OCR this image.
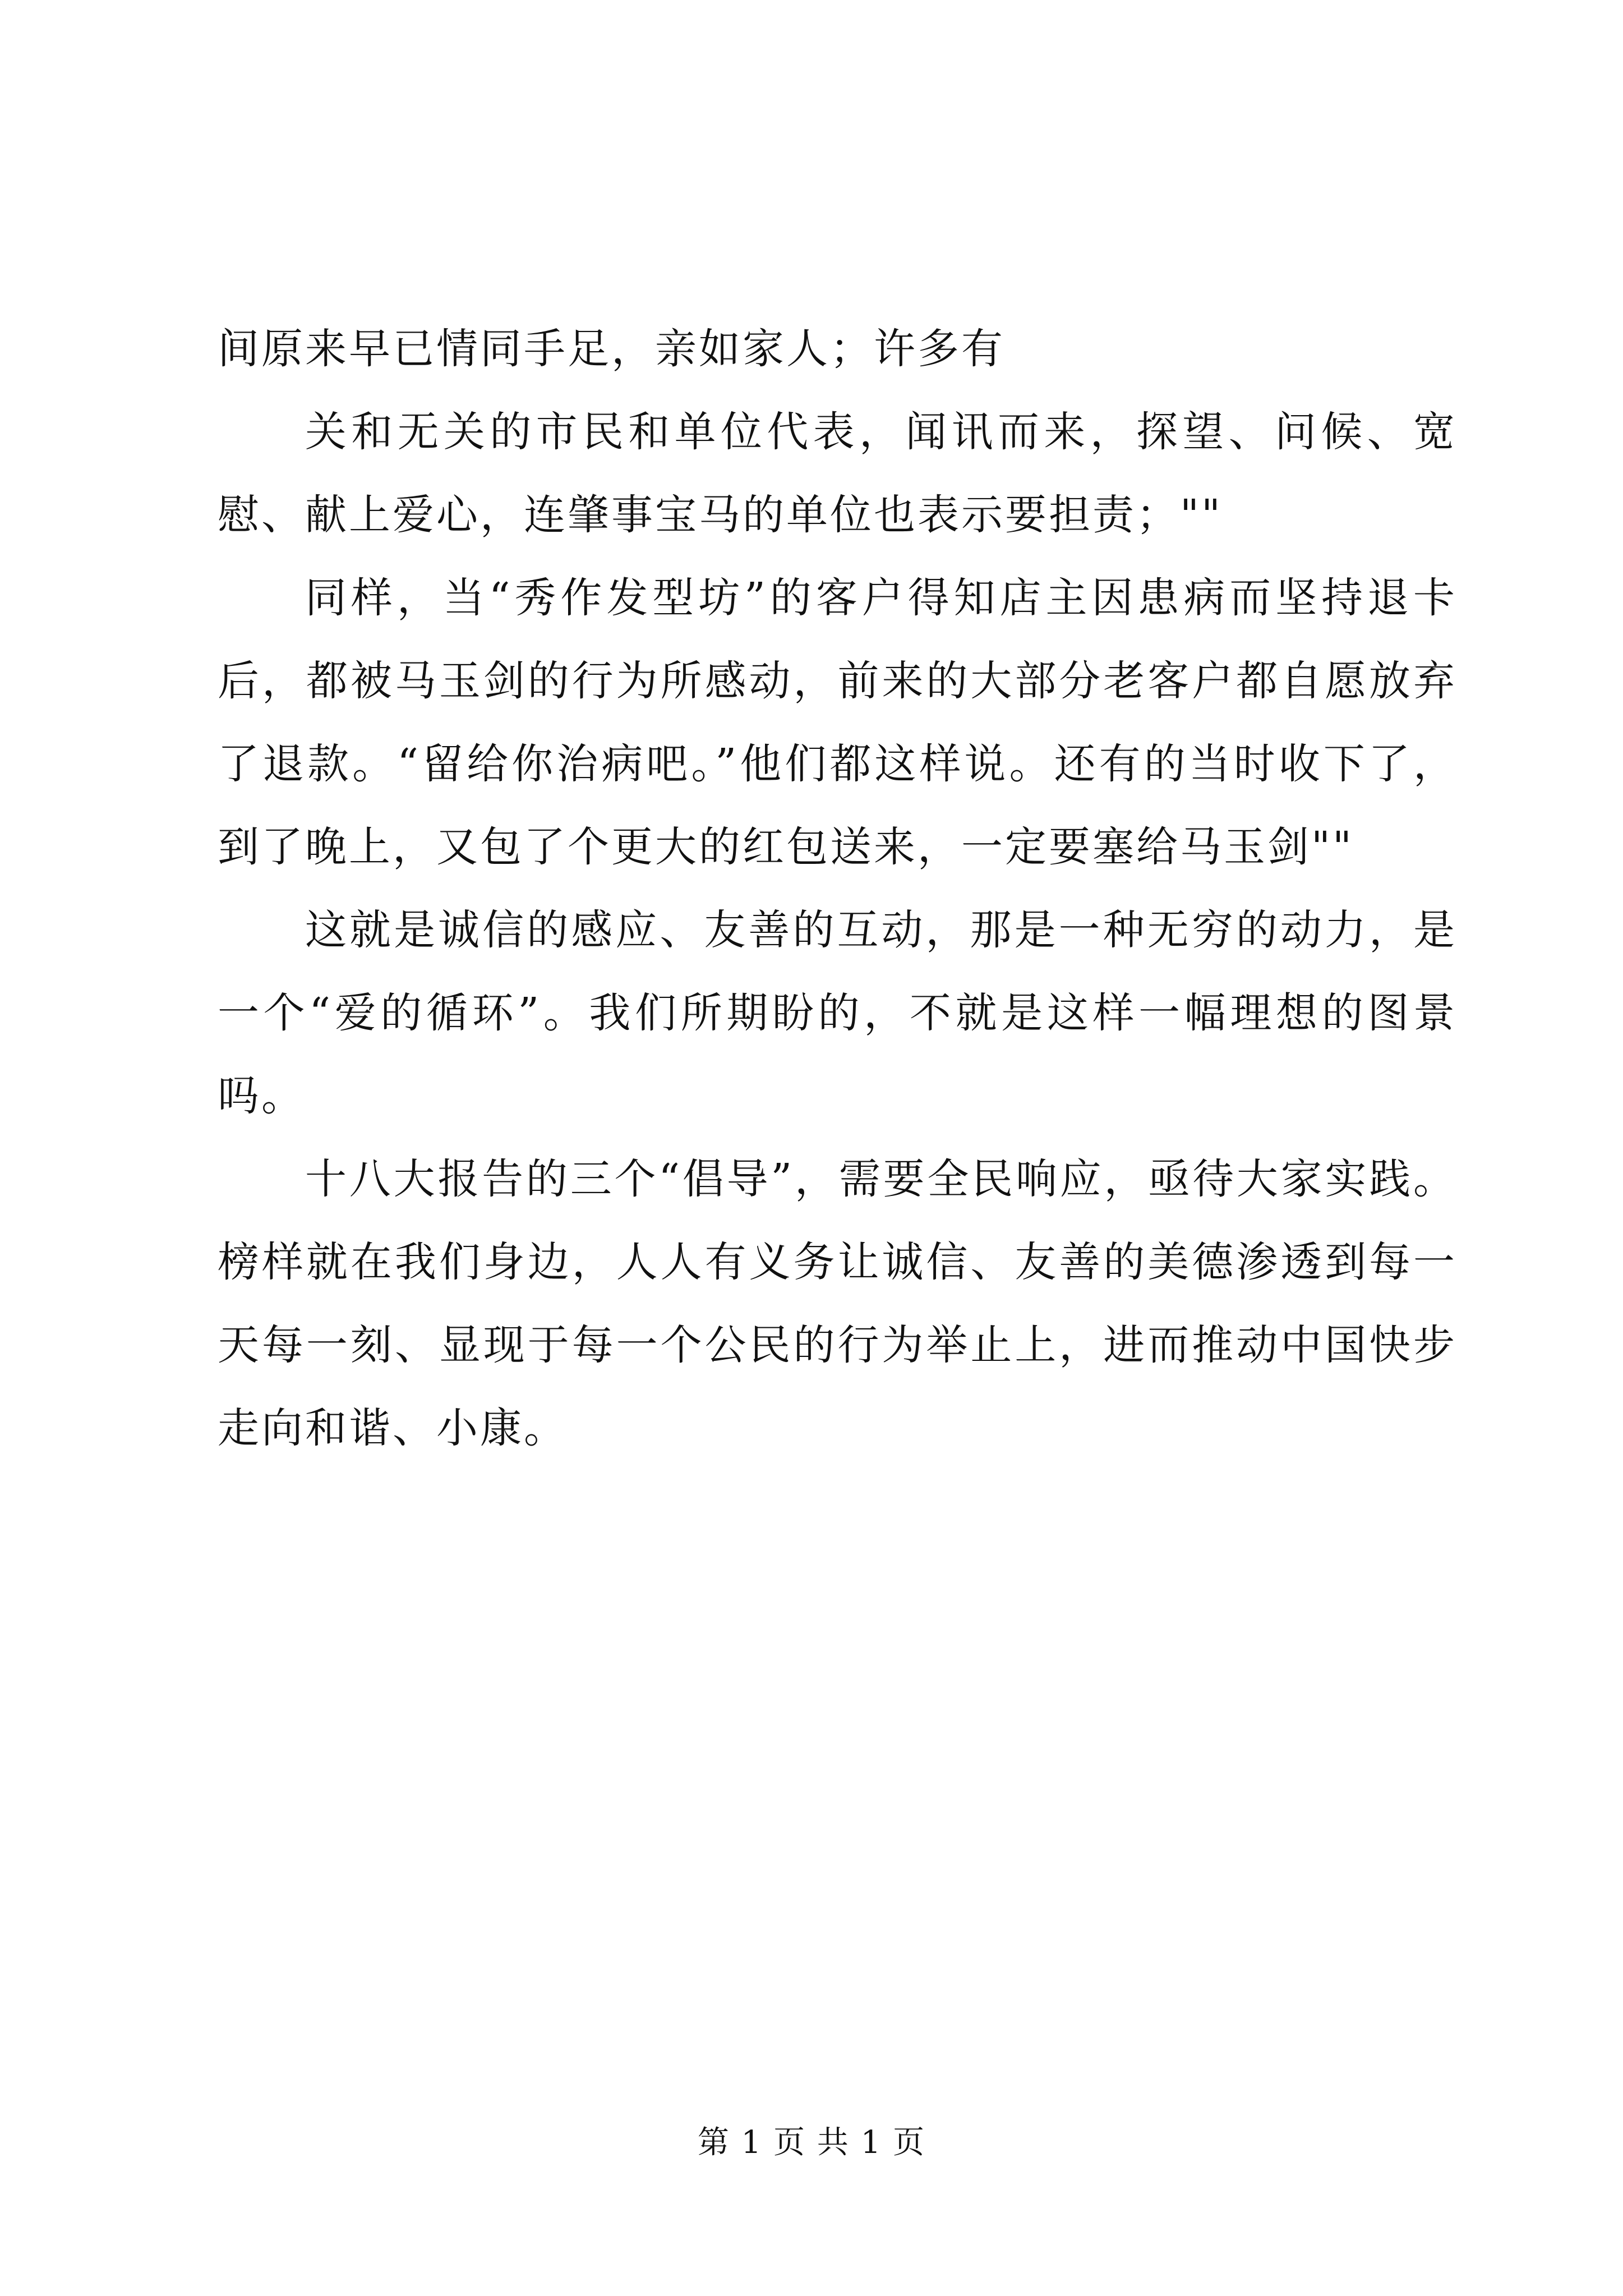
间原来早已情同手足，亲如家人；许多有

关和无关的市民和单位代表，闻讯而来，探望、问候、宽慰、献上爱心，连肇事宝马的单位也表示要担责；""

同样，当“秀作发型坊”的客户得知店主因患病而坚持退卡后，都被马玉剑的行为所感动，前来的大部分老客户都自愿放弃了退款。“留给你治病吧。”他们都这样说。还有的当时收下了，到了晚上，又包了个更大的红包送来，一定要塞给马玉剑""

这就是诚信的感应、友善的互动，那是一种无穷的动力，是一个“爱的循环”。我们所期盼的，不就是这样一幅理想的图景吗。

十八大报告的三个“倡导”，需要全民响应，亟待大家实践。榜样就在我们身边，人人有义务让诚信、友善的美德渗透到每一天每一刻、显现于每一个公民的行为举止上，进而推动中国快步走向和谐、小康。

第 1 页 共 1 页
